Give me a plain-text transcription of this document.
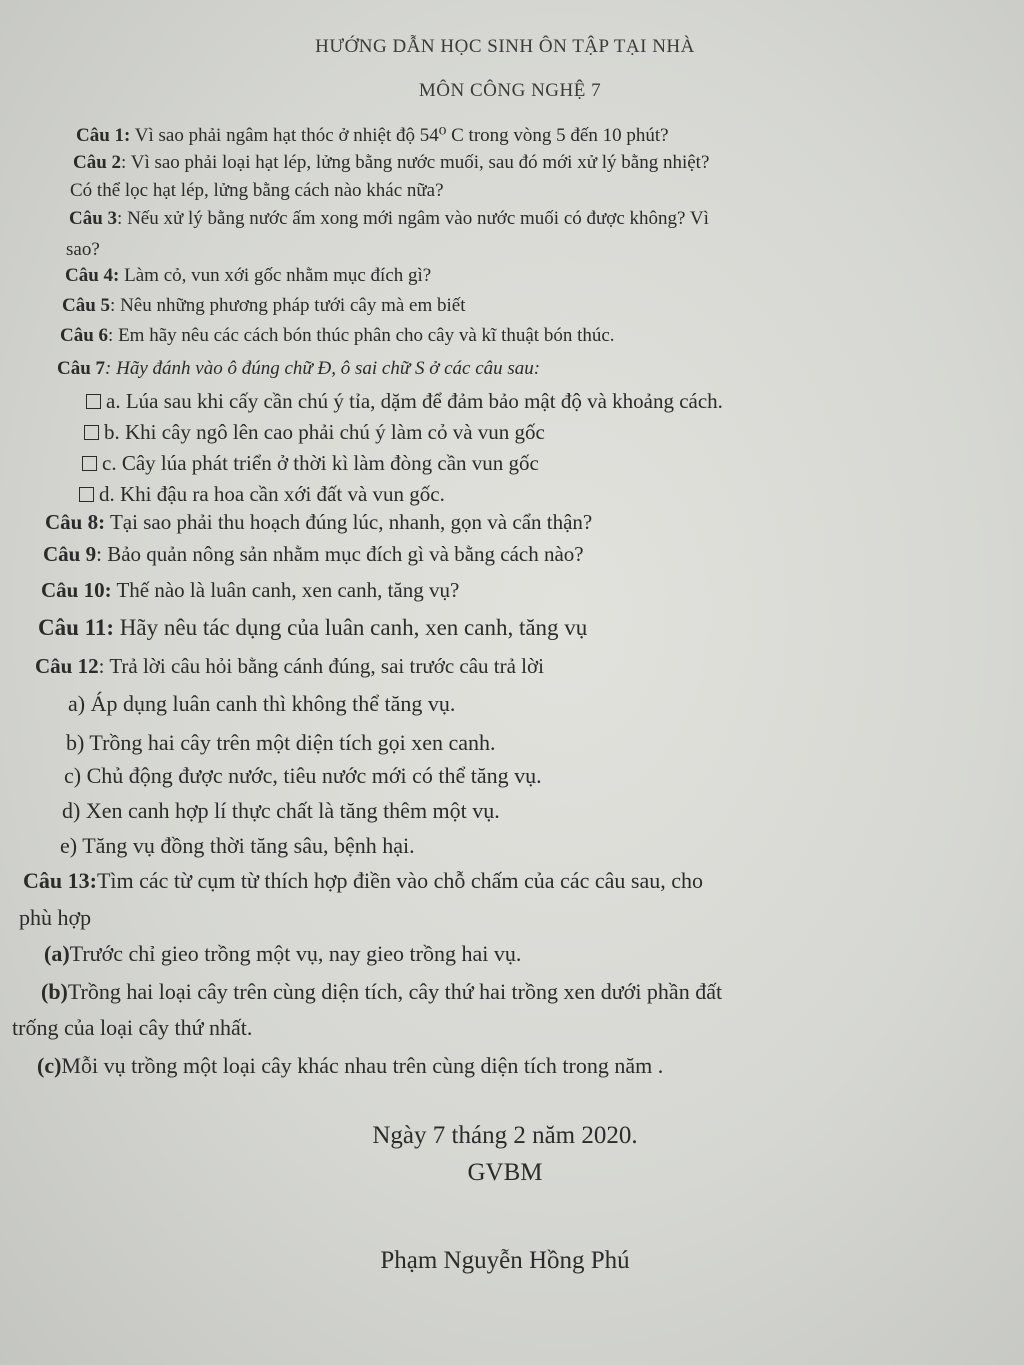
HƯỚNG DẪN HỌC SINH ÔN TẬP TẠI NHÀ
MÔN CÔNG NGHỆ 7
Câu 1: Vì sao phải ngâm hạt thóc ở nhiệt độ 54⁰ C trong vòng 5 đến 10 phút?
Câu 2: Vì sao phải loại hạt lép, lửng bằng nước muối, sau đó mới xử lý bằng nhiệt?
Có thể lọc hạt lép, lửng bằng cách nào khác nữa?
Câu 3: Nếu xử lý bằng nước ấm xong mới ngâm vào nước muối có được không? Vì
sao?
Câu 4: Làm cỏ, vun xới gốc nhằm mục đích gì?
Câu 5: Nêu những phương pháp tưới cây mà em biết
Câu 6: Em hãy nêu các cách bón thúc phân cho cây và kĩ thuật bón thúc.
Câu 7: Hãy đánh vào ô đúng chữ Đ, ô sai chữ S ở các câu sau:
a. Lúa sau khi cấy cần chú ý tỉa, dặm để đảm bảo mật độ và khoảng cách.
b. Khi cây ngô lên cao phải chú ý làm cỏ và vun gốc
c. Cây lúa phát triển ở thời kì làm đòng cần vun gốc
d. Khi đậu ra hoa cần xới đất và vun gốc.
Câu 8: Tại sao phải thu hoạch đúng lúc, nhanh, gọn và cẩn thận?
Câu 9: Bảo quản nông sản nhằm mục đích gì và bằng cách nào?
Câu 10: Thế nào là luân canh, xen canh, tăng vụ?
Câu 11: Hãy nêu tác dụng của luân canh, xen canh, tăng vụ
Câu 12: Trả lời câu hỏi bằng cánh đúng, sai trước câu trả lời
a) Áp dụng luân canh thì không thể tăng vụ.
b) Trồng hai cây trên một diện tích gọi xen canh.
c) Chủ động được nước, tiêu nước mới có thể tăng vụ.
d) Xen canh hợp lí thực chất là tăng thêm một vụ.
e) Tăng vụ đồng thời tăng sâu, bệnh hại.
Câu 13:Tìm các từ cụm từ thích hợp điền vào chỗ chấm của các câu sau, cho
phù hợp
(a)Trước chỉ gieo trồng một vụ, nay gieo trồng hai vụ.
(b)Trồng hai loại cây trên cùng diện tích, cây thứ hai trồng xen dưới phần đất
trống của loại cây thứ nhất.
(c)Mỗi vụ trồng một loại cây khác nhau trên cùng diện tích trong năm .
Ngày 7 tháng 2 năm 2020.
GVBM
Phạm Nguyễn Hồng Phú
